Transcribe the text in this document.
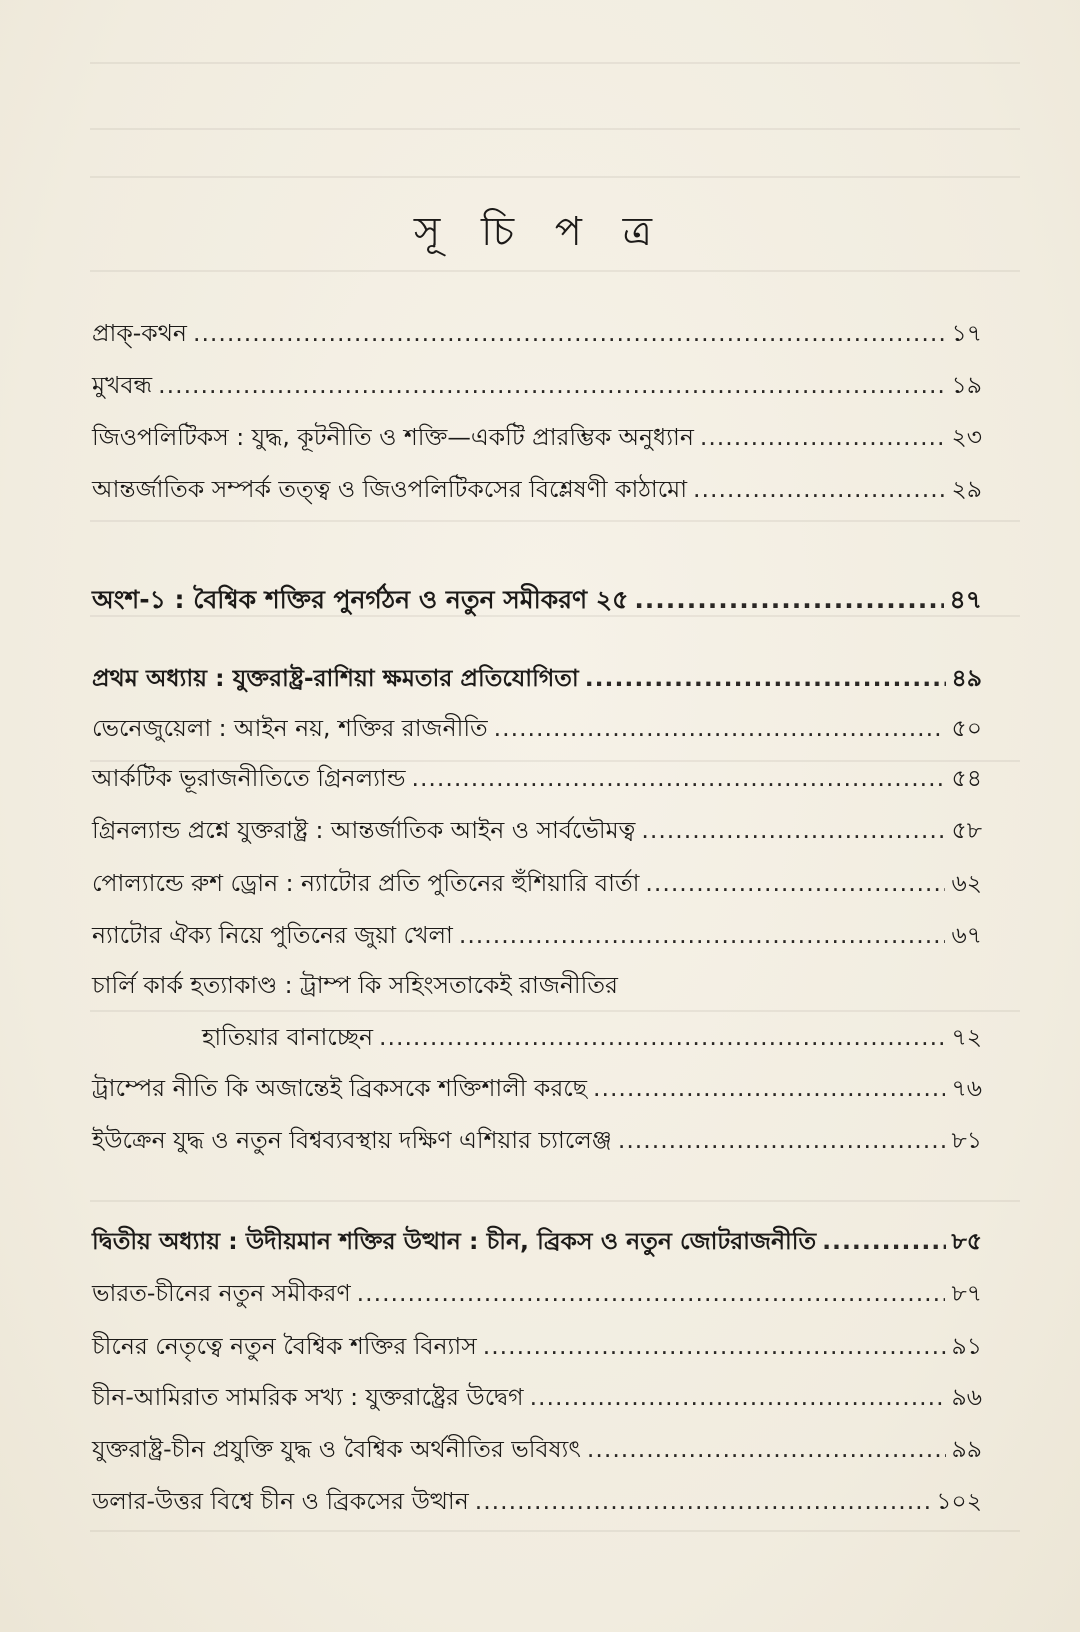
সূ চি প ত্র
প্রাক্-কথন .....	১৭
মুখবন্ধ .....	১৯
জিওপলিটিকস : যুদ্ধ, কূটনীতি ও শক্তি—একটি প্রারম্ভিক অনুধ্যান .....	২৩
আন্তর্জাতিক সম্পর্ক তত্ত্ব ও জিওপলিটিকসের বিশ্লেষণী কাঠামো .....	২৯
অংশ-১ : বৈশ্বিক শক্তির পুনর্গঠন ও নতুন সমীকরণ ২৫ .....	৪৭
প্রথম অধ্যায় : যুক্তরাষ্ট্র-রাশিয়া ক্ষমতার প্রতিযোগিতা .....	৪৯
ভেনেজুয়েলা : আইন নয়, শক্তির রাজনীতি .....	৫০
আর্কটিক ভূরাজনীতিতে গ্রিনল্যান্ড .....	৫৪
গ্রিনল্যান্ড প্রশ্নে যুক্তরাষ্ট্র : আন্তর্জাতিক আইন ও সার্বভৌমত্ব .....	৫৮
পোল্যান্ডে রুশ ড্রোন : ন্যাটোর প্রতি পুতিনের হুঁশিয়ারি বার্তা .....	৬২
ন্যাটোর ঐক্য নিয়ে পুতিনের জুয়া খেলা .....	৬৭
চার্লি কার্ক হত্যাকাণ্ড : ট্রাম্প কি সহিংসতাকেই রাজনীতির
হাতিয়ার বানাচ্ছেন .....	৭২
ট্রাম্পের নীতি কি অজান্তেই ব্রিকসকে শক্তিশালী করছে .....	৭৬
ইউক্রেন যুদ্ধ ও নতুন বিশ্বব্যবস্থায় দক্ষিণ এশিয়ার চ্যালেঞ্জ .....	৮১
দ্বিতীয় অধ্যায় : উদীয়মান শক্তির উত্থান : চীন, ব্রিকস ও নতুন জোটরাজনীতি .....	৮৫
ভারত-চীনের নতুন সমীকরণ .....	৮৭
চীনের নেতৃত্বে নতুন বৈশ্বিক শক্তির বিন্যাস .....	৯১
চীন-আমিরাত সামরিক সখ্য : যুক্তরাষ্ট্রের উদ্বেগ .....	৯৬
যুক্তরাষ্ট্র-চীন প্রযুক্তি যুদ্ধ ও বৈশ্বিক অর্থনীতির ভবিষ্যৎ .....	৯৯
ডলার-উত্তর বিশ্বে চীন ও ব্রিকসের উত্থান .....	১০২
